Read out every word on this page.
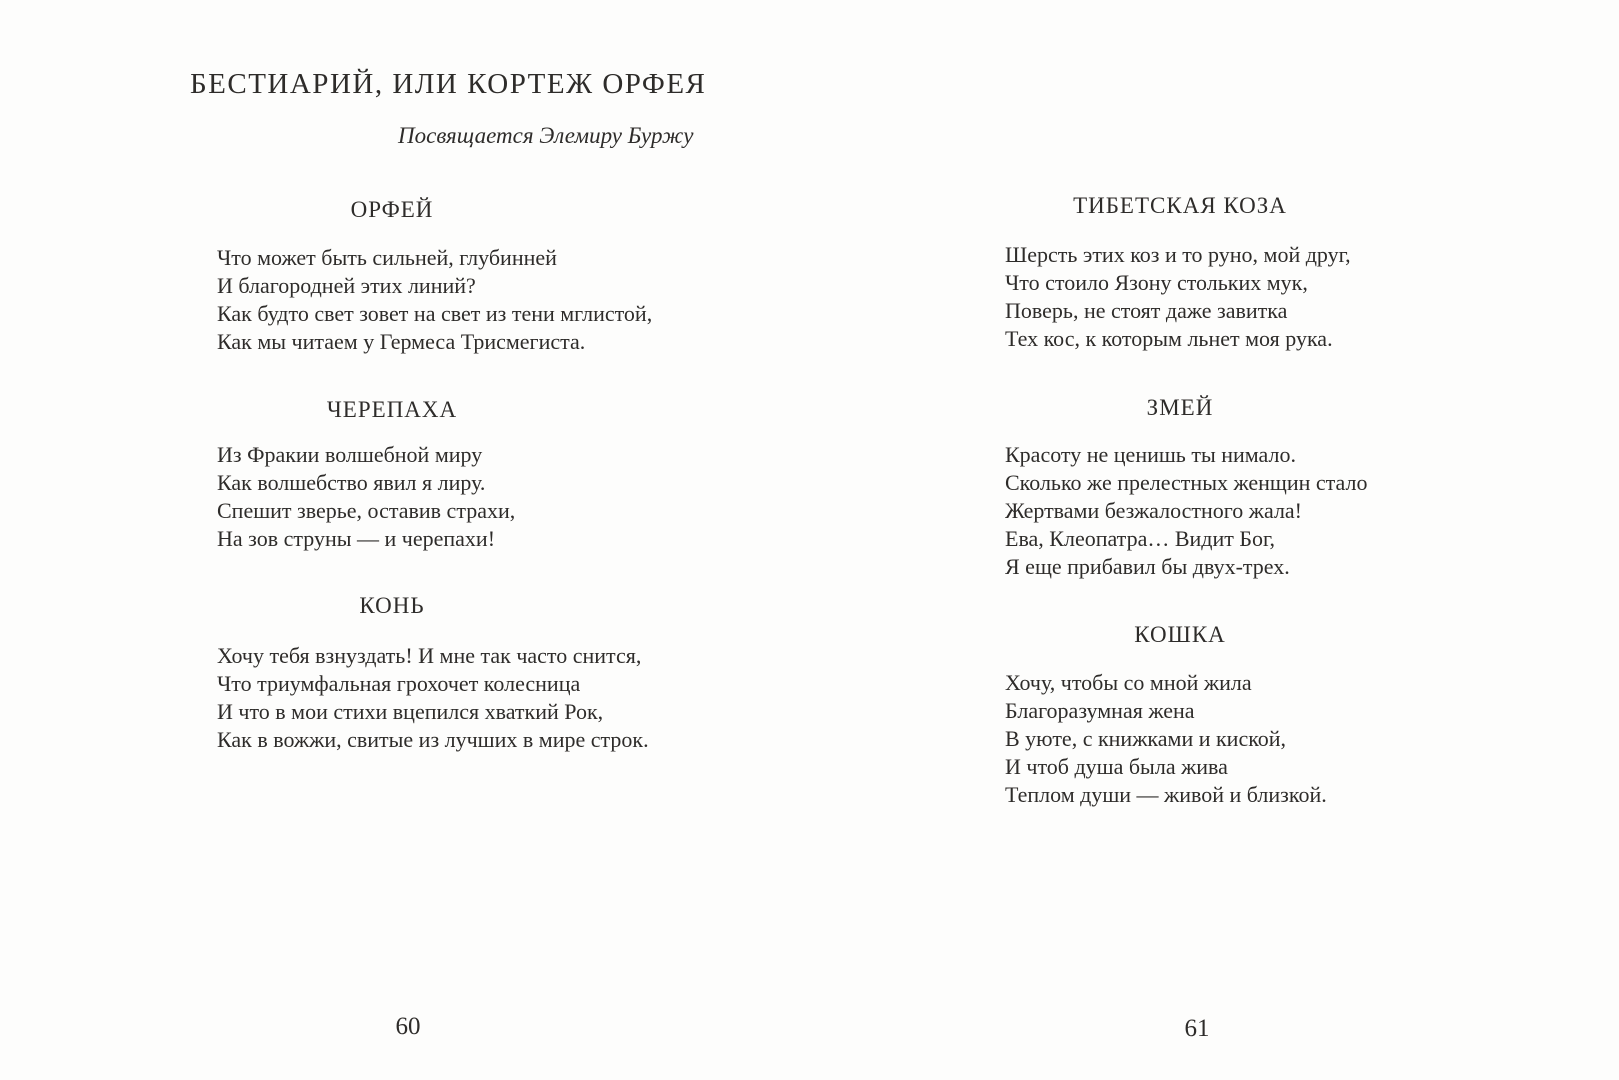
БЕСТИАРИЙ, ИЛИ КОРТЕЖ ОРФЕЯ

Посвящается Элемиру Буржу

ОРФЕЙ
Что может быть сильней, глубинней
И благородней этих линий?
Как будто свет зовет на свет из тени мглистой,
Как мы читаем у Гермеса Трисмегиста.
ЧЕРЕПАХА
Из Фракии волшебной миру
Как волшебство явил я лиру.
Спешит зверье, оставив страхи,
На зов струны — и черепахи!
КОНЬ
Хочу тебя взнуздать! И мне так часто снится,
Что триумфальная грохочет колесница
И что в мои стихи вцепился хваткий Рок,
Как в вожжи, свитые из лучших в мире строк.
60
ТИБЕТСКАЯ КОЗА
Шерсть этих коз и то руно, мой друг,
Что стоило Язону стольких мук,
Поверь, не стоят даже завитка
Тех кос, к которым льнет моя рука.
ЗМЕЙ
Красоту не ценишь ты нимало.
Сколько же прелестных женщин стало
Жертвами безжалостного жала!
Ева, Клеопатра… Видит Бог,
Я еще прибавил бы двух-трех.
КОШКА
Хочу, чтобы со мной жила
Благоразумная жена
В уюте, с книжками и киской,
И чтоб душа была жива
Теплом души — живой и близкой.
61
